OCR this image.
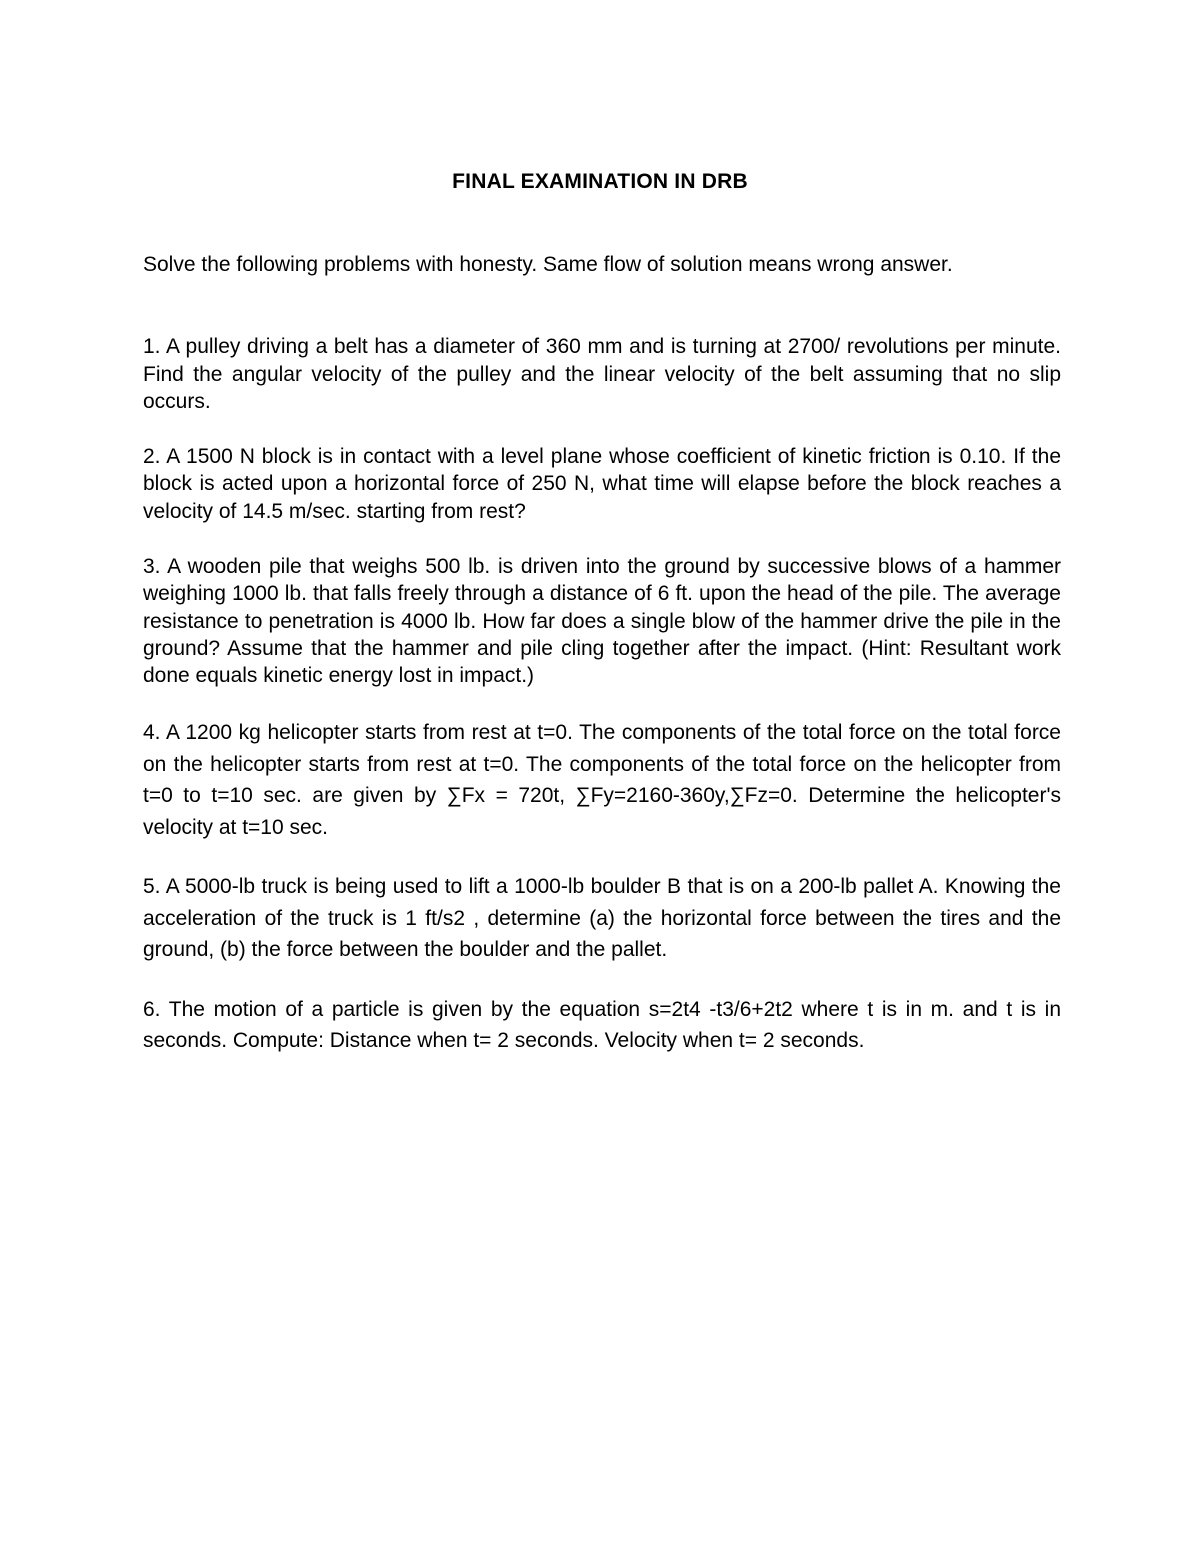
FINAL EXAMINATION IN DRB
Solve the following problems with honesty. Same flow of solution means wrong answer.

1. A pulley driving a belt has a diameter of 360 mm and is turning at 2700/ revolutions per minute. Find the angular velocity of the pulley and the linear velocity of the belt assuming that no slip occurs.

2. A 1500 N block is in contact with a level plane whose coefficient of kinetic friction is 0.10. If the block is acted upon a horizontal force of 250 N, what time will elapse before the block reaches a velocity of 14.5 m/sec. starting from rest?

3. A wooden pile that weighs 500 lb. is driven into the ground by successive blows of a hammer weighing 1000 lb. that falls freely through a distance of 6 ft. upon the head of the pile. The average resistance to penetration is 4000 lb. How far does a single blow of the hammer drive the pile in the ground? Assume that the hammer and pile cling together after the impact. (Hint: Resultant work done equals kinetic energy lost in impact.)

4. A 1200 kg helicopter starts from rest at t=0. The components of the total force on the total force on the helicopter starts from rest at t=0. The components of the total force on the helicopter from t=0 to t=10 sec. are given by ∑Fx = 720t, ∑Fy=2160-360y,∑Fz=0. Determine the helicopter's velocity at t=10 sec.

5. A 5000-lb truck is being used to lift a 1000-lb boulder B that is on a 200-lb pallet A. Knowing the acceleration of the truck is 1 ft/s2 , determine (a) the horizontal force between the tires and the ground, (b) the force between the boulder and the pallet.

6. The motion of a particle is given by the equation s=2t4 -t3/6+2t2 where t is in m. and t is in seconds. Compute: Distance when t= 2 seconds. Velocity when t= 2 seconds.
